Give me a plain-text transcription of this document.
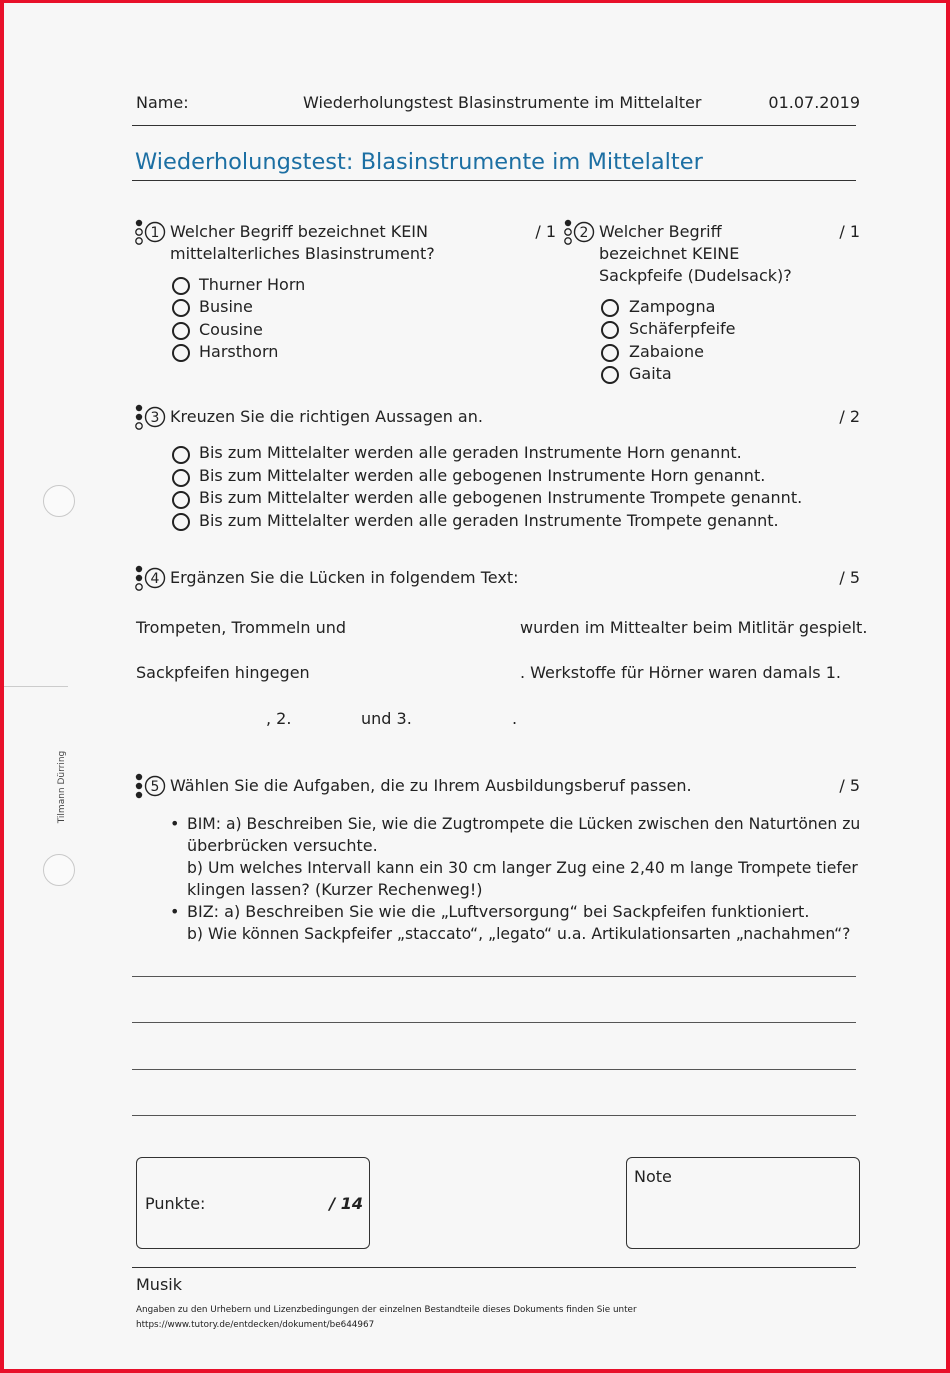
Tilmann Dürring
Name:	Wiederholungstest Blasinstrumente im Mittelalter	01.07.2019
Wiederholungstest: Blasinstrumente im Mittelalter
1 Welcher Begriff bezeichnet KEIN
mittelalterliches Blasinstrument?
/ 1
Thurner Horn
Busine
Cousine
Harsthorn
2 Welcher Begriff
bezeichnet KEINE
Sackpfeife (Dudelsack)?
/ 1
Zampogna
Schäferpfeife
Zabaione
Gaita
3 Kreuzen Sie die richtigen Aussagen an.	/ 2
Bis zum Mittelalter werden alle geraden Instrumente Horn genannt.
Bis zum Mittelalter werden alle gebogenen Instrumente Horn genannt.
Bis zum Mittelalter werden alle gebogenen Instrumente Trompete genannt.
Bis zum Mittelalter werden alle geraden Instrumente Trompete genannt.
4 Ergänzen Sie die Lücken in folgendem Text:	/ 5
Trompeten, Trommeln und	wurden im Mittealter beim Mitlitär gespielt.
Sackpfeifen hingegen	. Werkstoffe für Hörner waren damals 1.
, 2.	und 3.	.
5 Wählen Sie die Aufgaben, die zu Ihrem Ausbildungsberuf passen.	/ 5
• BIM: a) Beschreiben Sie, wie die Zugtrompete die Lücken zwischen den Naturtönen zu
überbrücken versuchte.
b) Um welches Intervall kann ein 30 cm langer Zug eine 2,40 m lange Trompete tiefer
klingen lassen? (Kurzer Rechenweg!)
• BIZ: a) Beschreiben Sie wie die „Luftversorgung“ bei Sackpfeifen funktioniert.
b) Wie können Sackpfeifer „staccato“, „legato“ u.a. Artikulationsarten „nachahmen“?
Punkte:	/ 14
Note
Musik
Angaben zu den Urhebern und Lizenzbedingungen der einzelnen Bestandteile dieses Dokuments finden Sie unter
https://www.tutory.de/entdecken/dokument/be644967
